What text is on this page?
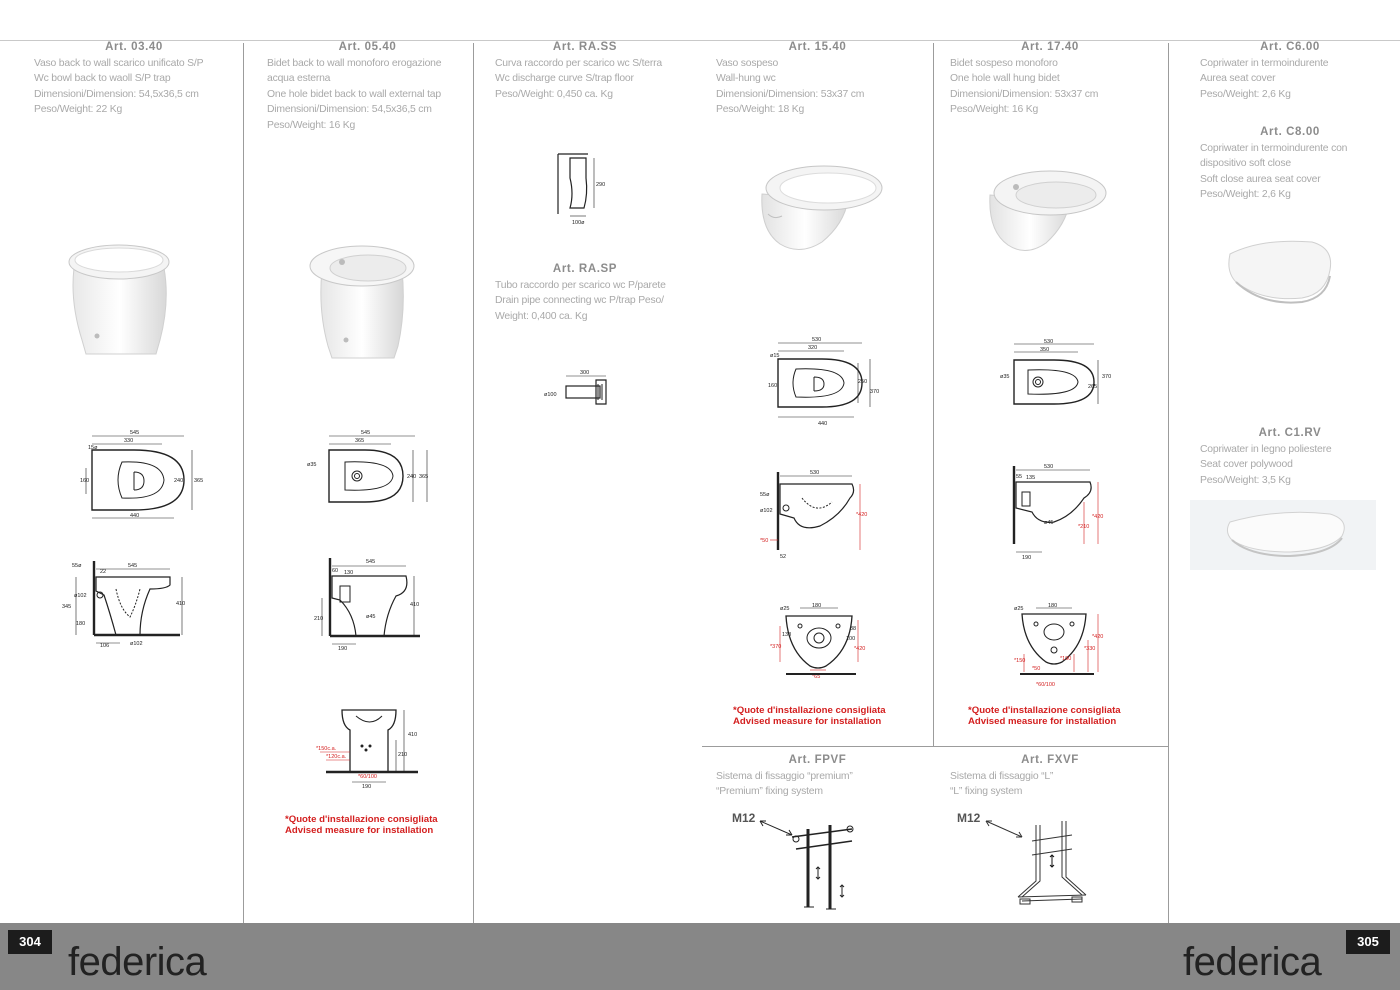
Art. 03.40
Vaso back to wall scarico unificato S/P
Wc bowl back to waoll S/P trap
Dimensioni/Dimension: 54,5x36,5 cm
Peso/Weight: 22 Kg
545
330
15ø
160	240 365
440
55ø
22
545
ø102
345
180
410
106	ø102
Art. 05.40
Bidet back to wall monoforo erogazione acqua esterna
One hole bidet back to wall external tap
Dimensioni/Dimension: 54,5x36,5 cm
Peso/Weight: 16 Kg
545
365
ø35
240 365
545
60 130
210	ø45
410
190
410
210
*150c.a.
*120c.a.
*60/100
190
*Quote d'installazione consigliata
Advised measure for installation
Art. RA.SS
Curva raccordo per scarico wc S/terra
Wc discharge curve S/trap floor
Peso/Weight: 0,450 ca. Kg
290
100ø
Art. RA.SP
Tubo raccordo per scarico wc P/parete
Drain pipe connecting wc P/trap Peso/ Weight: 0,400 ca. Kg
300
ø100
Art. 15.40
Vaso sospeso
Wall-hung wc
Dimensioni/Dimension: 53x37 cm
Peso/Weight: 18 Kg
530
320
ø15
160
250
370
440
530
55ø
ø102
*420
*50
52
ø25	180
138
38
100
*370	*420
*65
*Quote d'installazione consigliata
Advised measure for installation
Art. 17.40
Bidet sospeso monoforo
One hole wall hung bidet
Dimensioni/Dimension: 53x37 cm
Peso/Weight: 16 Kg
530
350
ø35
265
370
530
55 135
ø45
*420
*210
190
ø25	180
*420
*330
*150	*190
*50
*60/100
*Quote d'installazione consigliata
Advised measure for installation
Art. FPVF
Sistema di fissaggio “premium”
“Premium” fixing system
M12
Art. FXVF
Sistema di fissaggio “L”
“L” fixing system
M12
Art. C6.00
Copriwater in termoindurente
Aurea seat cover
Peso/Weight: 2,6 Kg
Art. C8.00
Copriwater in termoindurente con dispositivo soft close
Soft close aurea seat cover
Peso/Weight: 2,6 Kg
Art. C1.RV
Copriwater in legno poliestere
Seat cover polywood
Peso/Weight: 3,5 Kg
304 federica	federica	305
